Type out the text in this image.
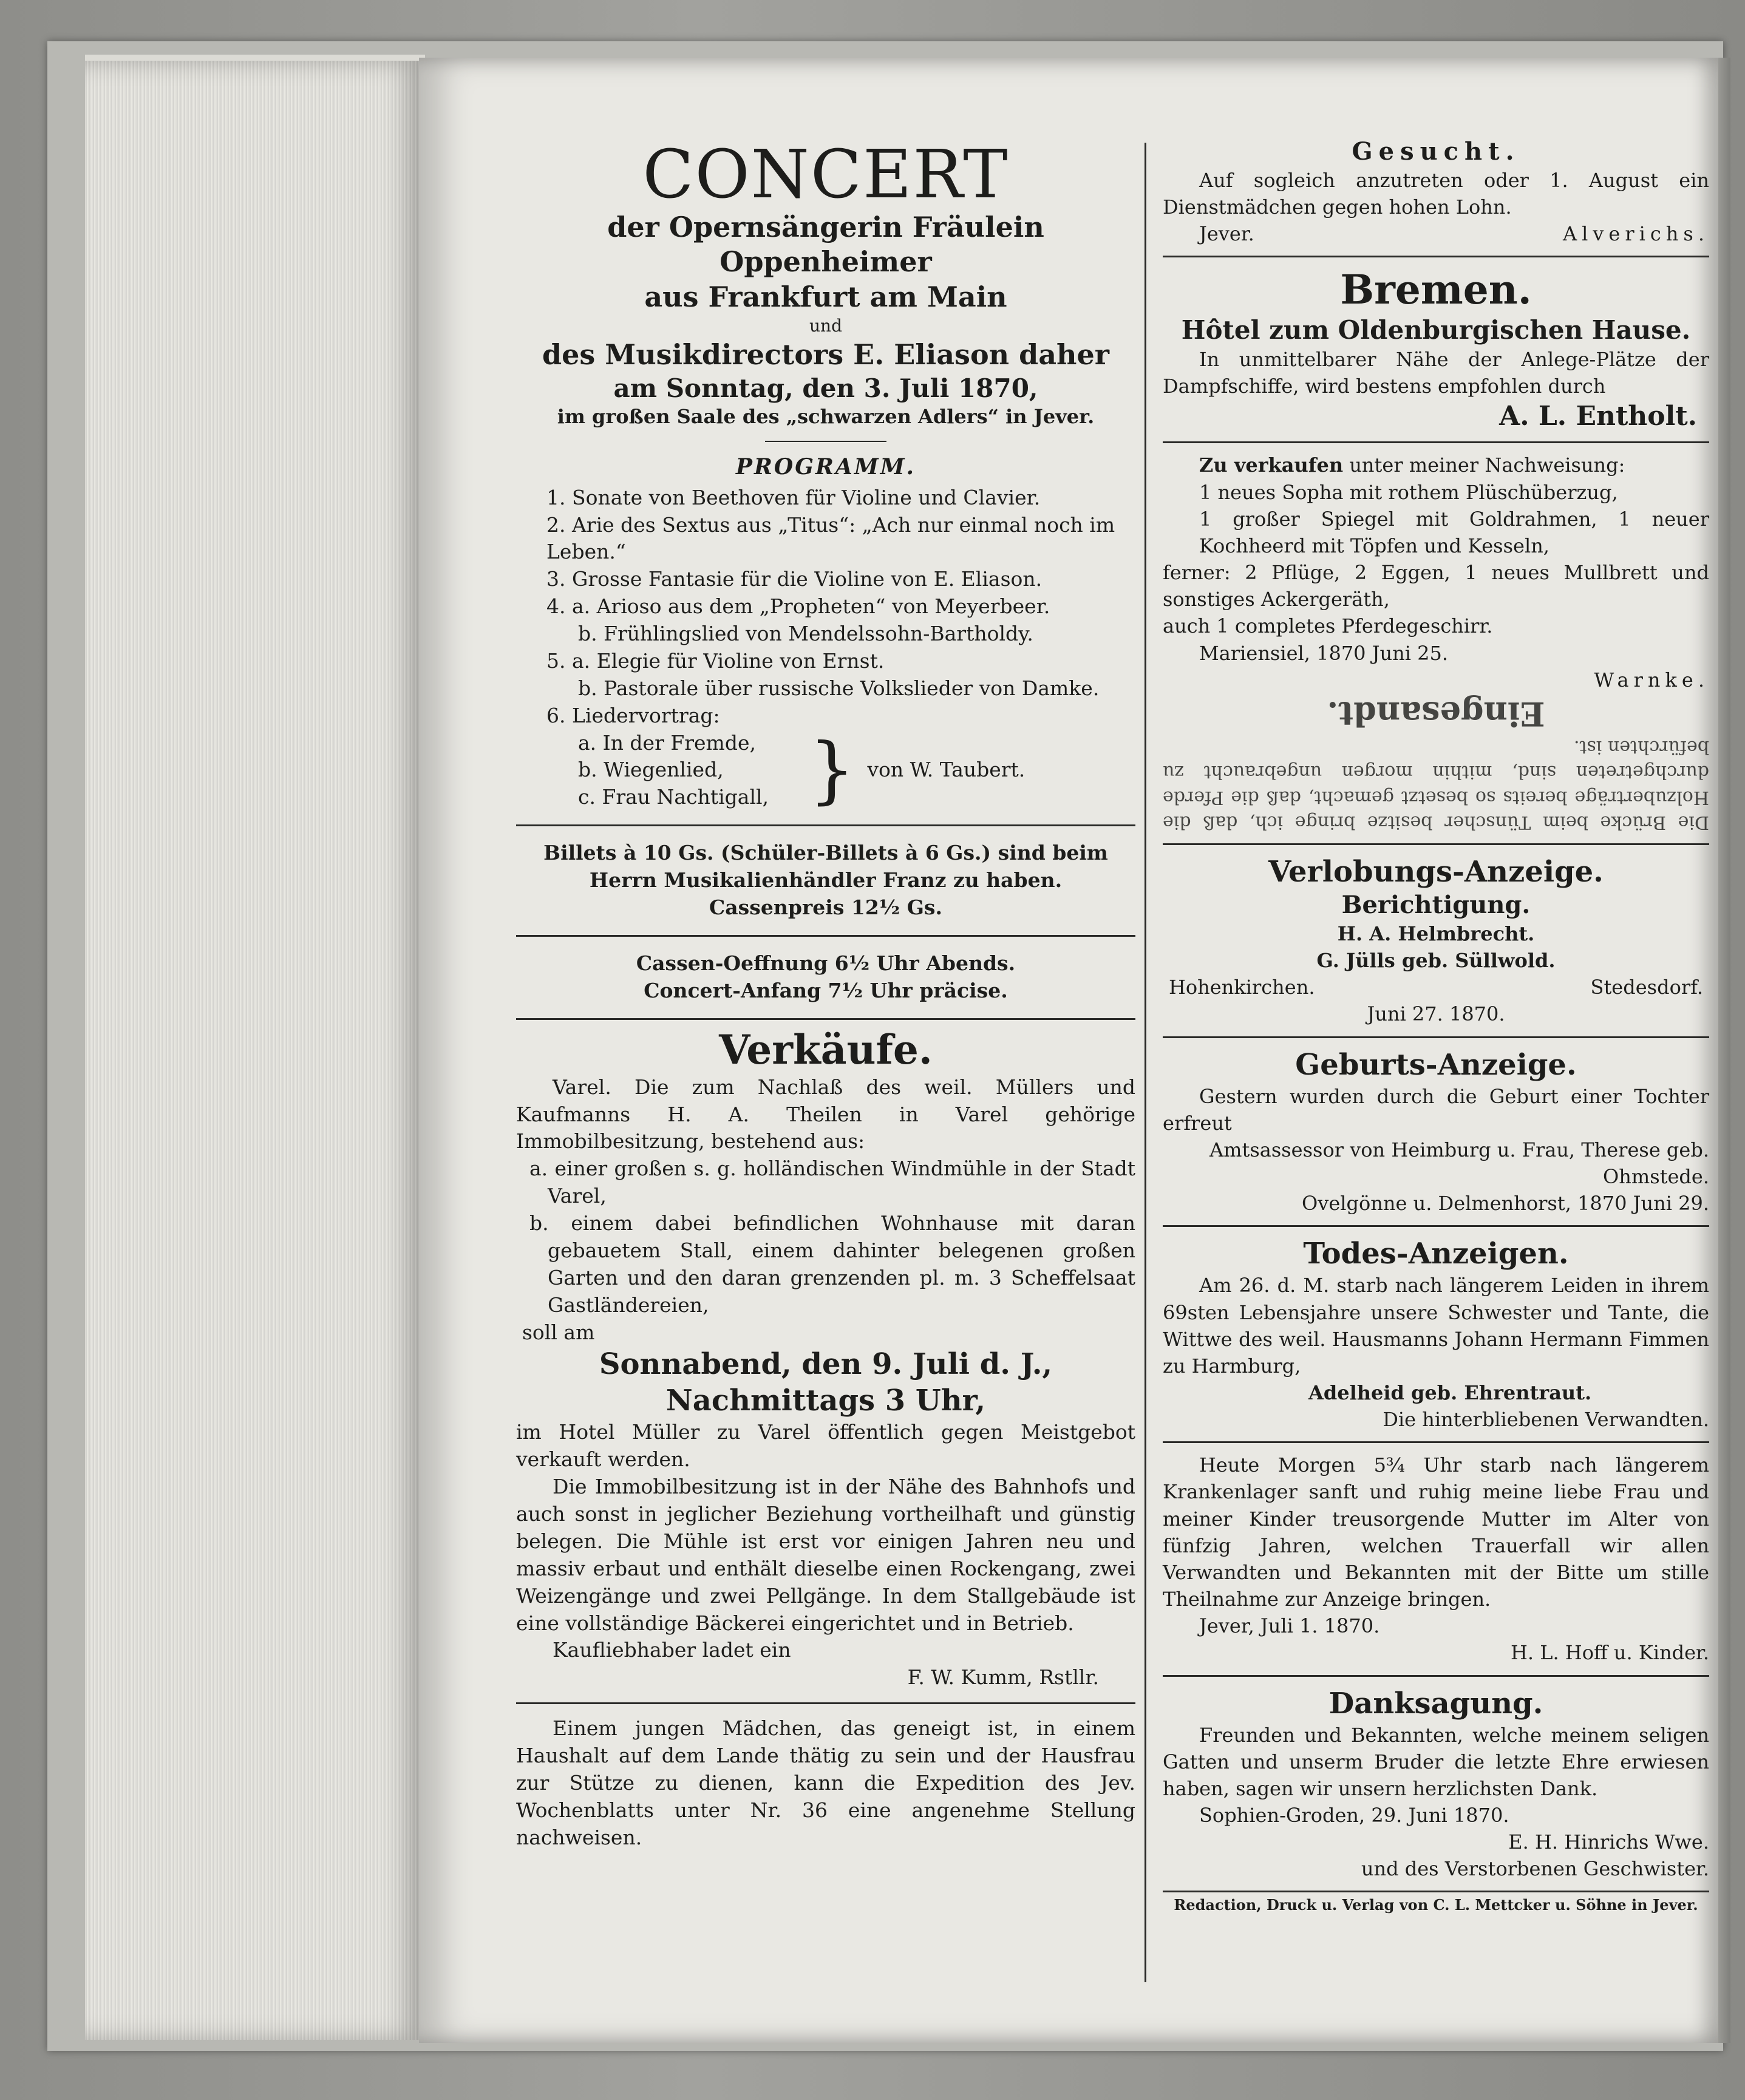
CONCERT
der Opernsängerin Fräulein Oppenheimer
aus Frankfurt am Main
und
des Musikdirectors E. Eliason daher
am Sonntag, den 3. Juli 1870,
im großen Saale des „schwarzen Adlers“ in Jever.
PROGRAMM.
1. Sonate von Beethoven für Violine und Clavier.
2. Arie des Sextus aus „Titus“: „Ach nur einmal noch im Leben.“
3. Grosse Fantasie für die Violine von E. Eliason.
4. a. Arioso aus dem „Propheten“ von Meyerbeer.
b. Frühlingslied von Mendelssohn-Bartholdy.
5. a. Elegie für Violine von Ernst.
b. Pastorale über russische Volkslieder von Damke.
6. Liedervortrag:
a. In der Fremde,
b. Wiegenlied,
c. Frau Nachtigall, } von W. Taubert.
Billets à 10 Gs. (Schüler-Billets à 6 Gs.) sind beim
Herrn Musikalienhändler Franz zu haben.
Cassenpreis 12½ Gs.
Cassen-Oeffnung 6½ Uhr Abends.
Concert-Anfang 7½ Uhr präcise.
Verkäufe.
Varel. Die zum Nachlaß des weil. Müllers und Kaufmanns H. A. Theilen in Varel gehörige Immobilbesitzung, bestehend aus:
a. einer großen s. g. holländischen Windmühle in der Stadt Varel,
b. einem dabei befindlichen Wohnhause mit daran gebauetem Stall, einem dahinter belegenen großen Garten und den daran grenzenden pl. m. 3 Scheffelsaat Gastländereien,
soll am
Sonnabend, den 9. Juli d. J.,
Nachmittags 3 Uhr,
im Hotel Müller zu Varel öffentlich gegen Meistgebot verkauft werden.
Die Immobilbesitzung ist in der Nähe des Bahnhofs und auch sonst in jeglicher Beziehung vortheilhaft und günstig belegen. Die Mühle ist erst vor einigen Jahren neu und massiv erbaut und enthält dieselbe einen Rockengang, zwei Weizengänge und zwei Pellgänge. In dem Stallgebäude ist eine vollständige Bäckerei eingerichtet und in Betrieb.
Kaufliebhaber ladet ein
F. W. Kumm, Rstllr.
Einem jungen Mädchen, das geneigt ist, in einem Haushalt auf dem Lande thätig zu sein und der Hausfrau zur Stütze zu dienen, kann die Expedition des Jev. Wochenblatts unter Nr. 36 eine angenehme Stellung nachweisen.
Gesucht.
Auf sogleich anzutreten oder 1. August ein Dienstmädchen gegen hohen Lohn.
Jever.	Alverichs.
Bremen.
Hôtel zum Oldenburgischen Hause.
In unmittelbarer Nähe der Anlege-Plätze der Dampfschiffe, wird bestens empfohlen durch
A. L. Entholt.
Zu verkaufen unter meiner Nachweisung:
1 neues Sopha mit rothem Plüschüberzug,
1 großer Spiegel mit Goldrahmen, 1 neuer Kochheerd mit Töpfen und Kesseln,
ferner: 2 Pflüge, 2 Eggen, 1 neues Mullbrett und sonstiges Ackergeräth,
auch 1 completes Pferdegeschirr.
Mariensiel, 1870 Juni 25.
Warnke.
Die Brücke beim Tünscher besitze bringe ich, daß die Holzuberträge bereits so besetzt gemacht, daß die Pferde durchgetreten sind, mithin morgen ungebraucht zu befürchten ist.
Eingesandt.
Verlobungs-Anzeige.
Berichtigung.
H. A. Helmbrecht.
G. Jülls geb. Süllwold.
Hohenkirchen.	Stedesdorf.
Juni 27. 1870.
Geburts-Anzeige.
Gestern wurden durch die Geburt einer Tochter erfreut
Amtsassessor von Heimburg u. Frau, Therese geb. Ohmstede.
Ovelgönne u. Delmenhorst, 1870 Juni 29.
Todes-Anzeigen.
Am 26. d. M. starb nach längerem Leiden in ihrem 69sten Lebensjahre unsere Schwester und Tante, die Wittwe des weil. Hausmanns Johann Hermann Fimmen zu Harmburg,
Adelheid geb. Ehrentraut.
Die hinterbliebenen Verwandten.
Heute Morgen 5¾ Uhr starb nach längerem Krankenlager sanft und ruhig meine liebe Frau und meiner Kinder treusorgende Mutter im Alter von fünfzig Jahren, welchen Trauerfall wir allen Verwandten und Bekannten mit der Bitte um stille Theilnahme zur Anzeige bringen.
Jever, Juli 1. 1870.
H. L. Hoff u. Kinder.
Danksagung.
Freunden und Bekannten, welche meinem seligen Gatten und unserm Bruder die letzte Ehre erwiesen haben, sagen wir unsern herzlichsten Dank.
Sophien-Groden, 29. Juni 1870.
E. H. Hinrichs Wwe.
und des Verstorbenen Geschwister.
Redaction, Druck u. Verlag von C. L. Mettcker u. Söhne in Jever.
